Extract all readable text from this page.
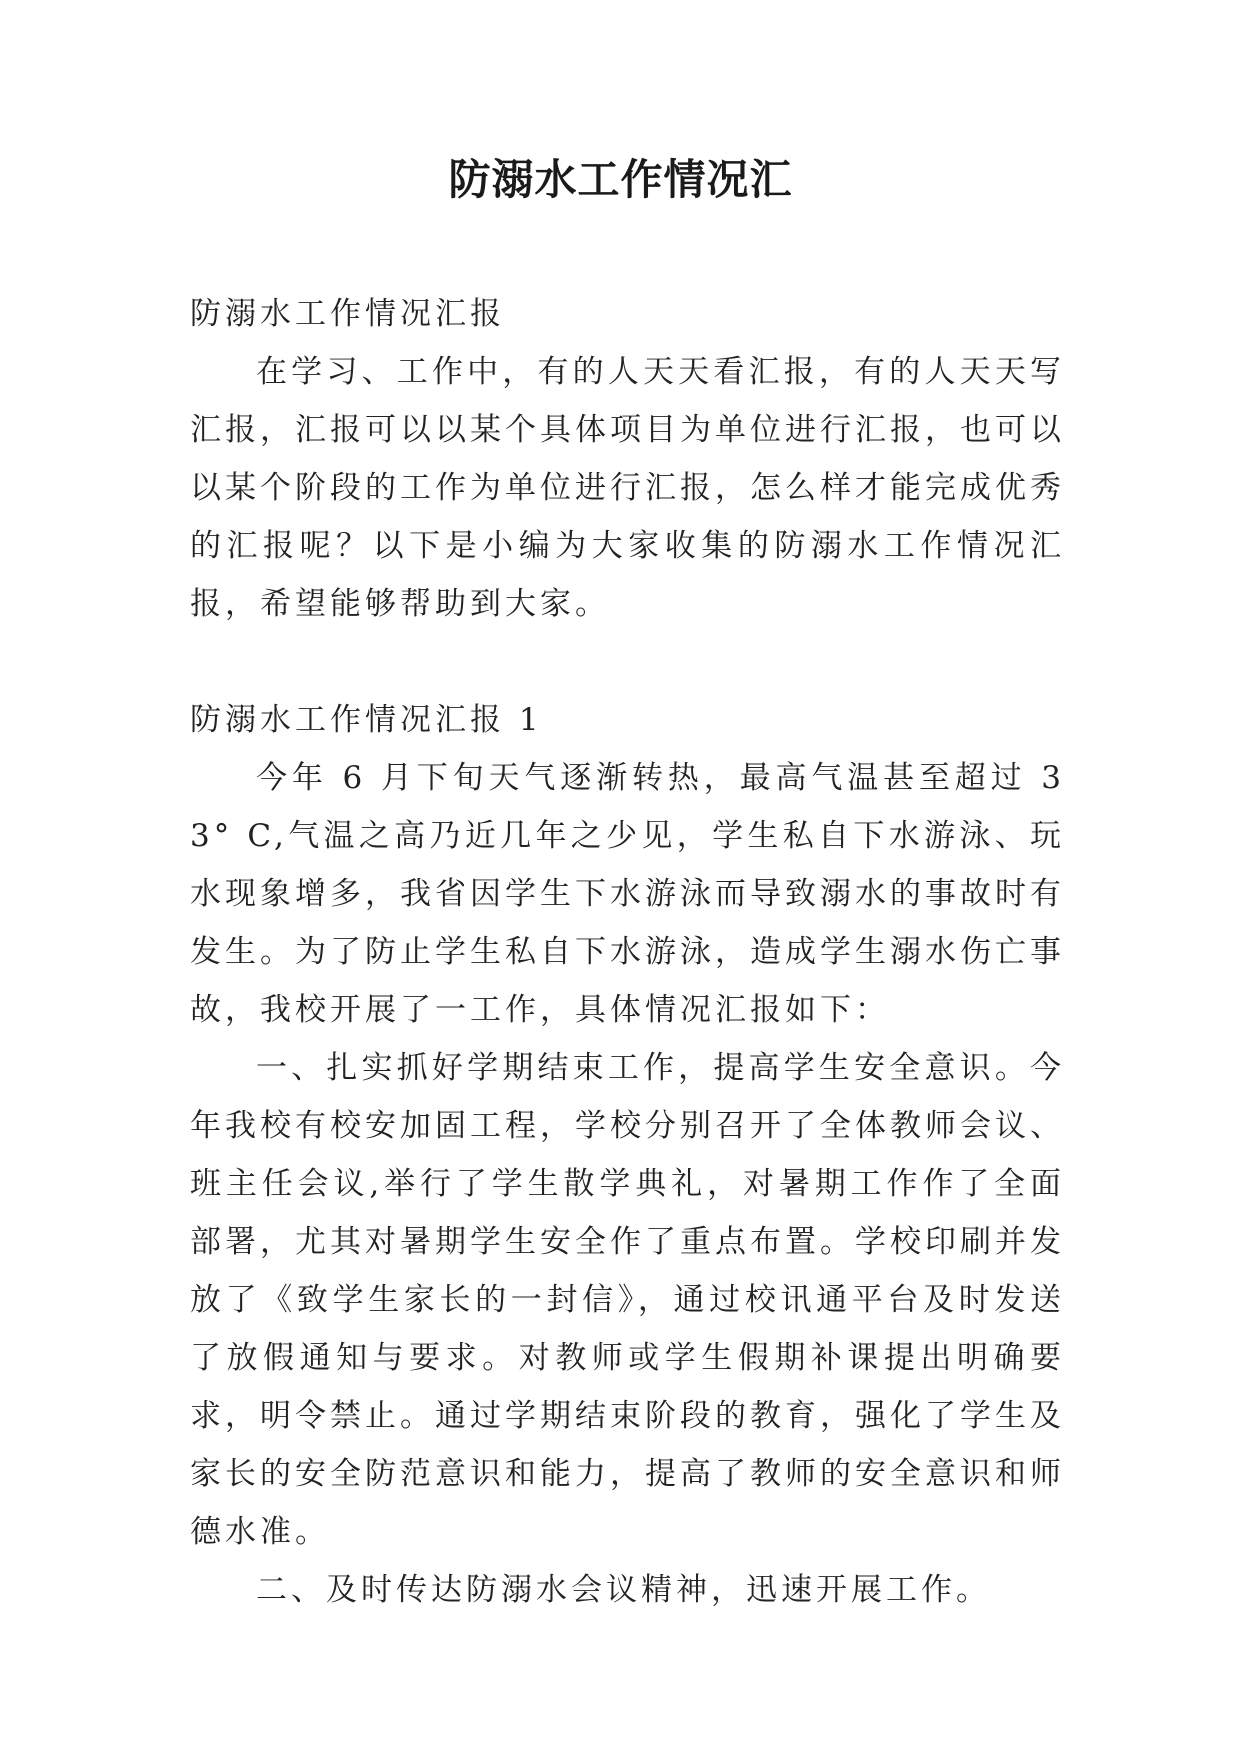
防溺水工作情况汇

防溺水工作情况汇报

在学习、工作中，有的人天天看汇报，有的人天天写汇报，汇报可以以某个具体项目为单位进行汇报，也可以以某个阶段的工作为单位进行汇报，怎么样才能完成优秀的汇报呢？以下是小编为大家收集的防溺水工作情况汇报，希望能够帮助到大家。

防溺水工作情况汇报 1

今年 6 月下旬天气逐渐转热，最高气温甚至超过 33° C,气温之高乃近几年之少见，学生私自下水游泳、玩水现象增多，我省因学生下水游泳而导致溺水的事故时有发生。为了防止学生私自下水游泳，造成学生溺水伤亡事故，我校开展了一工作，具体情况汇报如下：

一、扎实抓好学期结束工作，提高学生安全意识。今年我校有校安加固工程，学校分别召开了全体教师会议、班主任会议,举行了学生散学典礼，对暑期工作作了全面部署，尤其对暑期学生安全作了重点布置。学校印刷并发放了《致学生家长的一封信》，通过校讯通平台及时发送了放假通知与要求。对教师或学生假期补课提出明确要求，明令禁止。通过学期结束阶段的教育，强化了学生及家长的安全防范意识和能力，提高了教师的安全意识和师德水准。

二、及时传达防溺水会议精神，迅速开展工作。
